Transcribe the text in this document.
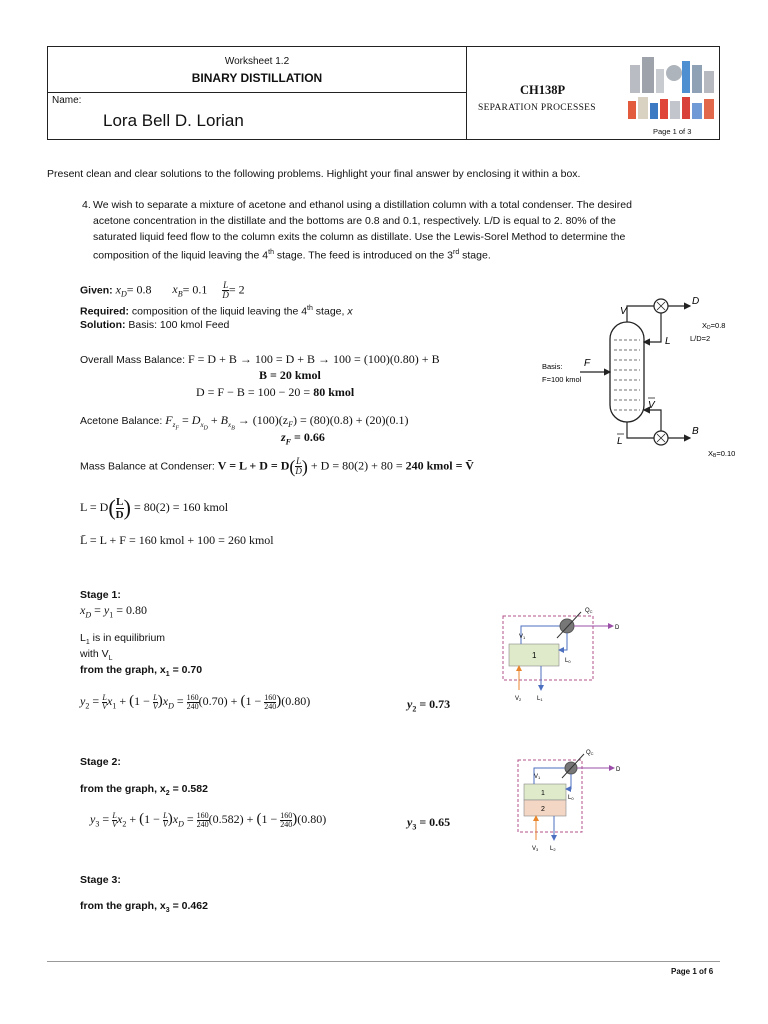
Worksheet 1.2
BINARY DISTILLATION
Name:
Lora Bell D. Lorian
CH138P
SEPARATION PROCESSES
Page 1 of 3
Present clean and clear solutions to the following problems. Highlight your final answer by enclosing it within a box.
4. We wish to separate a mixture of acetone and ethanol using a distillation column with a total condenser. The desired
acetone concentration in the distillate and the bottoms are 0.8 and 0.1, respectively. L/D is equal to 2. 80% of the
saturated liquid feed flow to the column exits the column as distillate. Use the Lewis-Sorel Method to determine the
composition of the liquid leaving the 4th stage. The feed is introduced on the 3rd stage.
Given: $x_D= 0.8$ $x_B= 0.1 \frac{L}{D} = 2$
Required: composition of the liquid leaving the 4th stage, x
Solution: Basis: 100 kmol Feed
Overall Mass Balance: F = D + B → 100 = D + B → 100 = (100)(0.80) + B
B = 20 kmol
D = F − B = 100 − 20 = 80 kmol
Acetone Balance: $F_{z_F} = D_{x_D} + B_{x_B} \to (100)(z_F) = (80)(0.8) + (20)(0.1)$
$z_F = 0.66$
Mass Balance at Condenser: $V = L + D = D( \frac{L}{D}$ ) + D = 80(2) + 80 = 240 kmol = V̄
$L = D( \frac{L}{D}$ ) = 80(2) = 160 kmol
L̄ = L + F = 160 kmol + 100 = 260 kmol
V
D
F
L
V
L
B
Basis:
F=100 kmol
XD=0.8
L/D=2
XB=0.10
Stage 1:
$x_D = y_1 = 0.80$
$L_1$ is in equilibrium
with $V_L$
from the graph, $x_1 = 0.70$
$y_2 = \frac{L}{V} x_1 + (1 - \frac{L}{V} )x_D = \frac{160}{240} (0.70) + (1 - \frac{160}{240} )(0.80)$	$y_2 = 0.73$
1
QC
D
V1
L0
V2	L1
Stage 2:
from the graph, $x_2 = 0.582$
$y_3 = \frac{L}{V} x_2 + (1 - \frac{L}{V} )x_D = \frac{160}{240} (0.582) + (1 - \frac{160}{240} )(0.80)$	$y_3 = 0.65$
1
2
QC
D
V1
L0
V3 L2
Stage 3:
from the graph, $x_3 = 0.462$
Page 1 of 6
